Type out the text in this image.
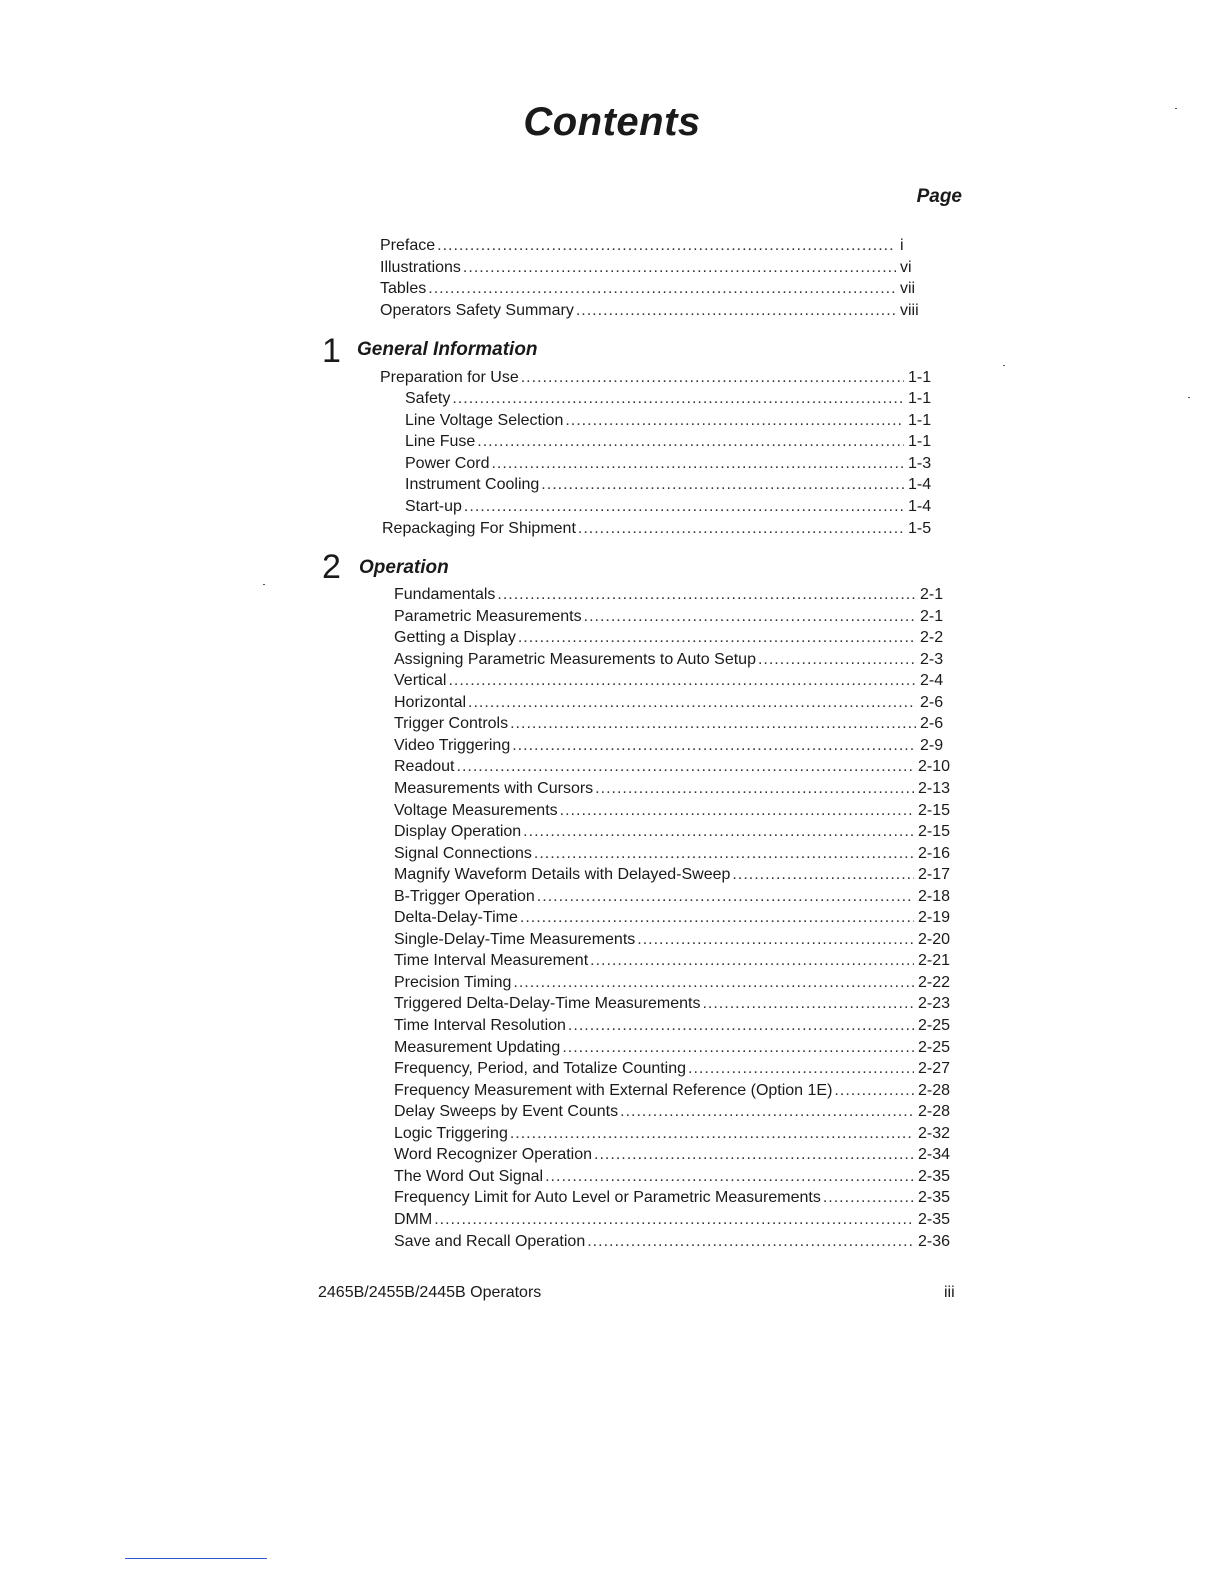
Contents
Page
Preface .....	i
Illustrations .....	vi
Tables .....	vii
Operators Safety Summary .....	viii
1 General Information
Preparation for Use .....	1-1
Safety .....	1-1
Line Voltage Selection .....	1-1
Line Fuse .....	1-1
Power Cord .....	1-3
Instrument Cooling .....	1-4
Start-up .....	1-4
Repackaging For Shipment .....	1-5
2 Operation
Fundamentals .....	2-1
Parametric Measurements .....	2-1
Getting a Display .....	2-2
Assigning Parametric Measurements to Auto Setup .....	2-3
Vertical .....	2-4
Horizontal .....	2-6
Trigger Controls .....	2-6
Video Triggering .....	2-9
Readout .....	2-10
Measurements with Cursors .....	2-13
Voltage Measurements .....	2-15
Display Operation .....	2-15
Signal Connections .....	2-16
Magnify Waveform Details with Delayed-Sweep .....	2-17
B-Trigger Operation .....	2-18
Delta-Delay-Time .....	2-19
Single-Delay-Time Measurements .....	2-20
Time Interval Measurement .....	2-21
Precision Timing .....	2-22
Triggered Delta-Delay-Time Measurements .....	2-23
Time Interval Resolution .....	2-25
Measurement Updating .....	2-25
Frequency, Period, and Totalize Counting .....	2-27
Frequency Measurement with External Reference (Option 1E) .....	2-28
Delay Sweeps by Event Counts .....	2-28
Logic Triggering .....	2-32
Word Recognizer Operation .....	2-34
The Word Out Signal .....	2-35
Frequency Limit for Auto Level or Parametric Measurements .....	2-35
DMM .....	2-35
Save and Recall Operation .....	2-36
2465B/2455B/2445B Operators	iii
